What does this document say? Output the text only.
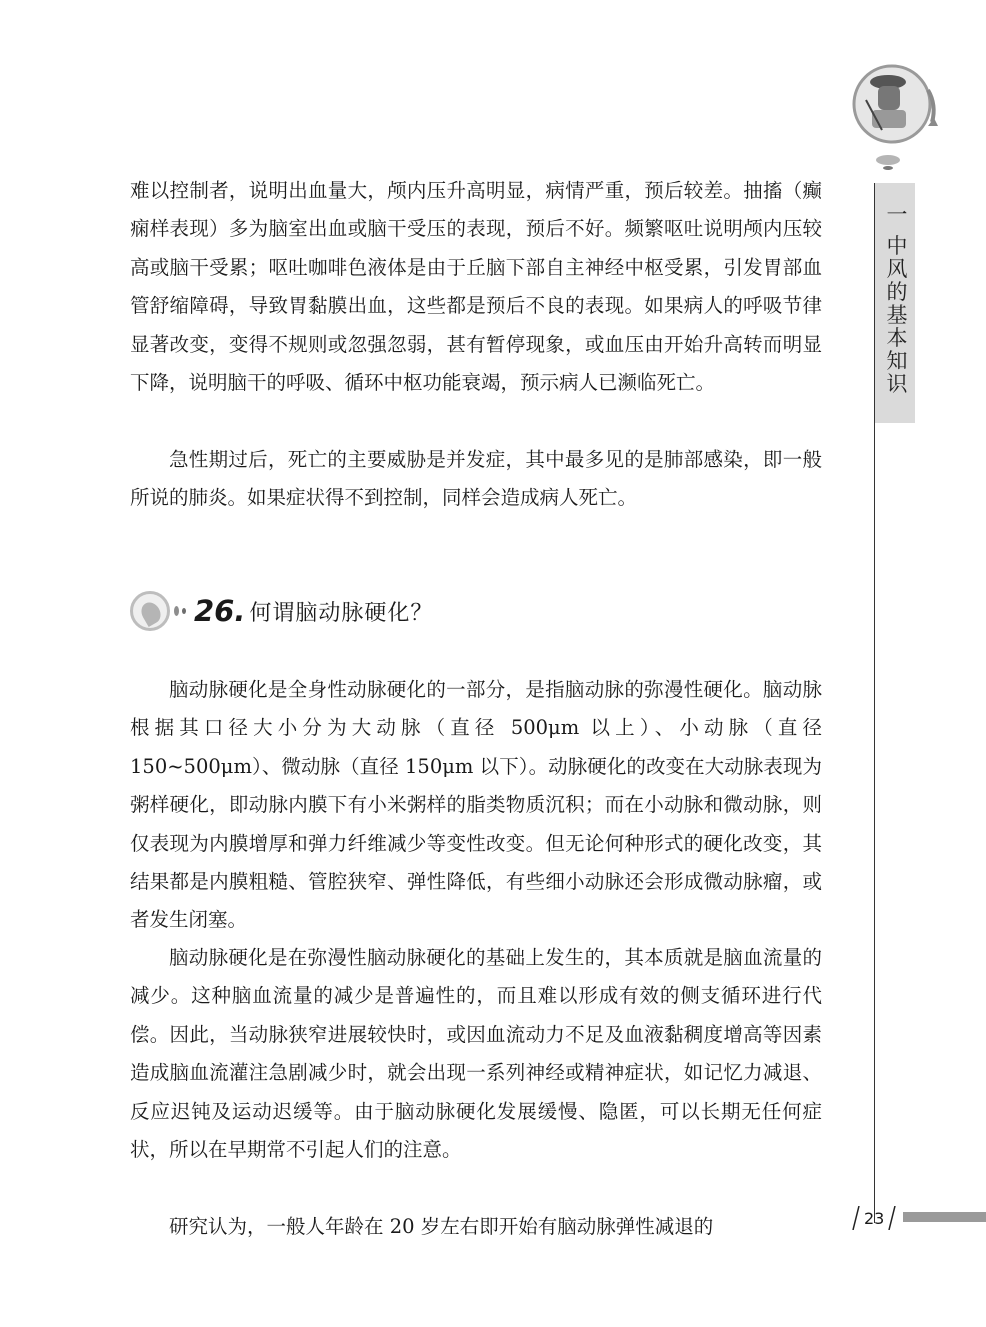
一 中风的基本知识

难以控制者，说明出血量大，颅内压升高明显，病情严重，预后较差。抽搐（癫痫样表现）多为脑室出血或脑干受压的表现，预后不好。频繁呕吐说明颅内压较高或脑干受累；呕吐咖啡色液体是由于丘脑下部自主神经中枢受累，引发胃部血管舒缩障碍，导致胃黏膜出血，这些都是预后不良的表现。如果病人的呼吸节律显著改变，变得不规则或忽强忽弱，甚有暂停现象，或血压由开始升高转而明显下降，说明脑干的呼吸、循环中枢功能衰竭，预示病人已濒临死亡。

急性期过后，死亡的主要威胁是并发症，其中最多见的是肺部感染，即一般所说的肺炎。如果症状得不到控制，同样会造成病人死亡。

26. 何谓脑动脉硬化？

脑动脉硬化是全身性动脉硬化的一部分，是指脑动脉的弥漫性硬化。脑动脉根据其口径大小分为大动脉（直径 500μm 以上）、小动脉（直径 150~500μm）、微动脉（直径 150μm 以下）。动脉硬化的改变在大动脉表现为粥样硬化，即动脉内膜下有小米粥样的脂类物质沉积；而在小动脉和微动脉，则仅表现为内膜增厚和弹力纤维减少等变性改变。但无论何种形式的硬化改变，其结果都是内膜粗糙、管腔狭窄、弹性降低，有些细小动脉还会形成微动脉瘤，或者发生闭塞。

脑动脉硬化是在弥漫性脑动脉硬化的基础上发生的，其本质就是脑血流量的减少。这种脑血流量的减少是普遍性的，而且难以形成有效的侧支循环进行代偿。因此，当动脉狭窄进展较快时，或因血流动力不足及血液黏稠度增高等因素造成脑血流灌注急剧减少时，就会出现一系列神经或精神症状，如记忆力减退、反应迟钝及运动迟缓等。由于脑动脉硬化发展缓慢、隐匿，可以长期无任何症状，所以在早期常不引起人们的注意。

研究认为，一般人年龄在 20 岁左右即开始有脑动脉弹性减退的	23
